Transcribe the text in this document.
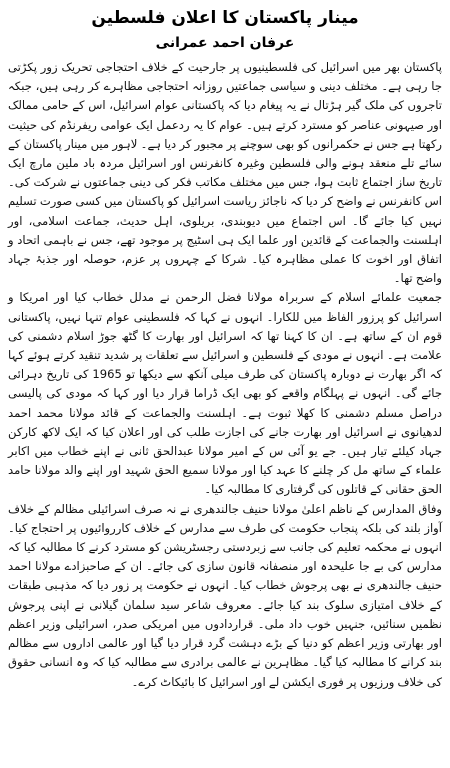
مینار پاکستان کا اعلان فلسطین
عرفان احمد عمرانی

پاکستان بھر میں اسرائیل کی فلسطینیوں پر جارحیت کے خلاف احتجاجی تحریک زور پکڑتی جا رہی ہے۔ مختلف دینی و سیاسی جماعتیں روزانہ احتجاجی مظاہرے کر رہی ہیں، جبکہ تاجروں کی ملک گیر ہڑتال نے یہ پیغام دیا کہ پاکستانی عوام اسرائیل، اس کے حامی ممالک اور صیہونی عناصر کو مسترد کرتے ہیں۔ عوام کا یہ ردعمل ایک عوامی ریفرنڈم کی حیثیت رکھتا ہے جس نے حکمرانوں کو بھی سوچنے پر مجبور کر دیا ہے۔ لاہور میں مینار پاکستان کے سائے تلے منعقد ہونے والی فلسطین وغیرہ کانفرنس اور اسرائیل مردہ باد ملین مارچ ایک تاریخ ساز اجتماع ثابت ہوا، جس میں مختلف مکاتب فکر کی دینی جماعتوں نے شرکت کی۔ اس کانفرنس نے واضح کر دیا کہ ناجائز ریاست اسرائیل کو پاکستان میں کسی صورت تسلیم نہیں کیا جائے گا۔ اس اجتماع میں دیوبندی، بریلوی، اہل حدیث، جماعت اسلامی، اور اہلسنت والجماعت کے قائدین اور علما ایک ہی اسٹیج پر موجود تھے، جس نے باہمی اتحاد و اتفاق اور اخوت کا عملی مظاہرہ کیا۔ شرکا کے چہروں پر عزم، حوصلہ اور جذبۂ جہاد واضح تھا۔

جمعیت علمائے اسلام کے سربراہ مولانا فضل الرحمن نے مدلل خطاب کیا اور امریکا و اسرائیل کو پرزور الفاظ میں للکارا۔ انہوں نے کہا کہ فلسطینی عوام تنہا نہیں، پاکستانی قوم ان کے ساتھ ہے۔ ان کا کہنا تھا کہ اسرائیل اور بھارت کا گٹھ جوڑ اسلام دشمنی کی علامت ہے۔ انہوں نے مودی کے فلسطین و اسرائیل سے تعلقات پر شدید تنقید کرتے ہوئے کہا کہ اگر بھارت نے دوبارہ پاکستان کی طرف میلی آنکھ سے دیکھا تو 1965 کی تاریخ دہرائی جائے گی۔ انہوں نے پہلگام واقعے کو بھی ایک ڈراما قرار دیا اور کہا کہ مودی کی پالیسی دراصل مسلم دشمنی کا کھلا ثبوت ہے۔ اہلسنت والجماعت کے قائد مولانا محمد احمد لدھیانوی نے اسرائیل اور بھارت جانے کی اجازت طلب کی اور اعلان کیا کہ ایک لاکھ کارکن جہاد کیلئے تیار ہیں۔ جے یو آئی س کے امیر مولانا عبدالحق ثانی نے اپنے خطاب میں اکابر علماء کے ساتھ مل کر چلنے کا عہد کیا اور مولانا سمیع الحق شہید اور اپنے والد مولانا حامد الحق حقانی کے قاتلوں کی گرفتاری کا مطالبہ کیا۔

وفاق المدارس کے ناظم اعلیٰ مولانا حنیف جالندھری نے نہ صرف اسرائیلی مظالم کے خلاف آواز بلند کی بلکہ پنجاب حکومت کی طرف سے مدارس کے خلاف کارروائیوں پر احتجاج کیا۔ انہوں نے محکمہ تعلیم کی جانب سے زبردستی رجسٹریشن کو مسترد کرنے کا مطالبہ کیا کہ مدارس کی بے جا علیحدہ اور منصفانہ قانون سازی کی جائے۔ ان کے صاحبزادے مولانا احمد حنیف جالندھری نے بھی پرجوش خطاب کیا۔ انہوں نے حکومت پر زور دیا کہ مذہبی طبقات کے خلاف امتیازی سلوک بند کیا جائے۔ معروف شاعر سید سلمان گیلانی نے اپنی پرجوش نظمیں سنائیں، جنہیں خوب داد ملی۔ قراردادوں میں امریکی صدر، اسرائیلی وزیر اعظم اور بھارتی وزیر اعظم کو دنیا کے بڑے دہشت گرد قرار دیا گیا اور عالمی اداروں سے مظالم بند کرانے کا مطالبہ کیا گیا۔ مظاہرین نے عالمی برادری سے مطالبہ کیا کہ وہ انسانی حقوق کی خلاف ورزیوں پر فوری ایکشن لے اور اسرائیل کا بائیکاٹ کرے۔
